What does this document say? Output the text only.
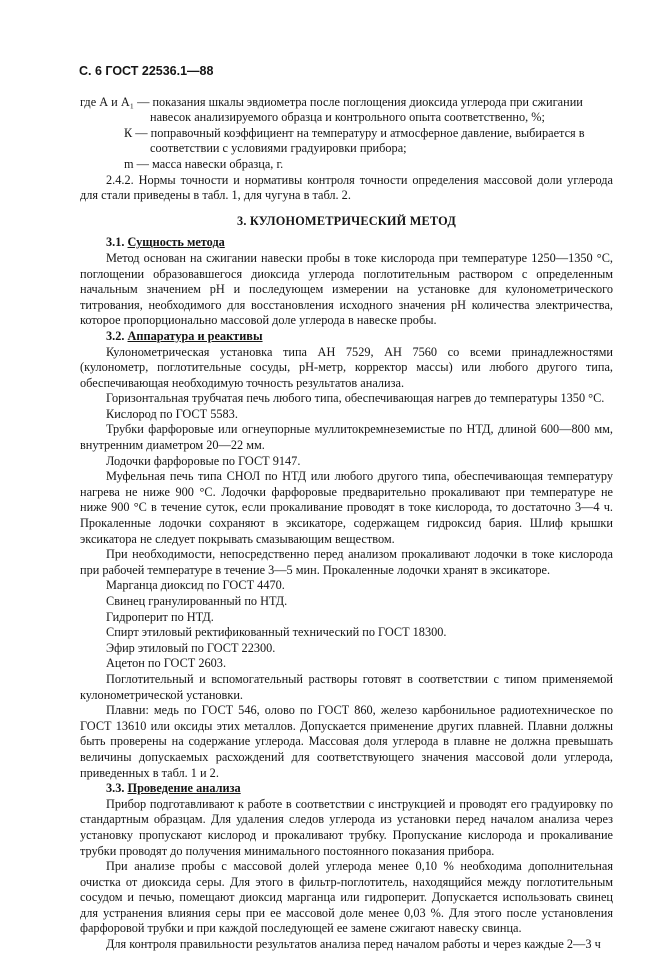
С. 6 ГОСТ 22536.1—88

где А и А₁ — показания шкалы эвдиометра после поглощения диоксида углерода при сжигании

навесок анализируемого образца и контрольного опыта соответственно, %;

К — поправочный коэффициент на температуру и атмосферное давление, выбирается в

соответствии с условиями градуировки прибора;

m — масса навески образца, г.

2.4.2. Нормы точности и нормативы контроля точности определения массовой доли углерода для стали приведены в табл. 1, для чугуна в табл. 2.

3. КУЛОНОМЕТРИЧЕСКИЙ МЕТОД

3.1. Сущность метода

Метод основан на сжигании навески пробы в токе кислорода при температуре 1250—1350 °С, поглощении образовавшегося диоксида углерода поглотительным раствором с определенным начальным значением рН и последующем измерении на установке для кулонометрического титрования, необходимого для восстановления исходного значения рН количества электричества, которое пропорционально массовой доле углерода в навеске пробы.

3.2. Аппаратура и реактивы

Кулонометрическая установка типа АН 7529, АН 7560 со всеми принадлежностями (кулонометр, поглотительные сосуды, рН-метр, корректор массы) или любого другого типа, обеспечивающая необходимую точность результатов анализа.

Горизонтальная трубчатая печь любого типа, обеспечивающая нагрев до температуры 1350 °С.

Кислород по ГОСТ 5583.

Трубки фарфоровые или огнеупорные муллитокремнеземистые по НТД, длиной 600—800 мм, внутренним диаметром 20—22 мм.

Лодочки фарфоровые по ГОСТ 9147.

Муфельная печь типа СНОЛ по НТД или любого другого типа, обеспечивающая температуру нагрева не ниже 900 °С. Лодочки фарфоровые предварительно прокаливают при температуре не ниже 900 °С в течение суток, если прокаливание проводят в токе кислорода, то достаточно 3—4 ч. Прокаленные лодочки сохраняют в эксикаторе, содержащем гидроксид бария. Шлиф крышки эксикатора не следует покрывать смазывающим веществом.

При необходимости, непосредственно перед анализом прокаливают лодочки в токе кислорода при рабочей температуре в течение 3—5 мин. Прокаленные лодочки хранят в эксикаторе.

Марганца диоксид по ГОСТ 4470.

Свинец гранулированный по НТД.

Гидроперит по НТД.

Спирт этиловый ректификованный технический по ГОСТ 18300.

Эфир этиловый по ГОСТ 22300.

Ацетон по ГОСТ 2603.

Поглотительный и вспомогательный растворы готовят в соответствии с типом применяемой кулонометрической установки.

Плавни: медь по ГОСТ 546, олово по ГОСТ 860, железо карбонильное радиотехническое по ГОСТ 13610 или оксиды этих металлов. Допускается применение других плавней. Плавни должны быть проверены на содержание углерода. Массовая доля углерода в плавне не должна превышать величины допускаемых расхождений для соответствующего значения массовой доли углерода, приведенных в табл. 1 и 2.

3.3. Проведение анализа

Прибор подготавливают к работе в соответствии с инструкцией и проводят его градуировку по стандартным образцам. Для удаления следов углерода из установки перед началом анализа через установку пропускают кислород и прокаливают трубку. Пропускание кислорода и прокаливание трубки проводят до получения минимального постоянного показания прибора.

При анализе пробы с массовой долей углерода менее 0,10 % необходима дополнительная очистка от диоксида серы. Для этого в фильтр-поглотитель, находящийся между поглотительным сосудом и печью, помещают диоксид марганца или гидроперит. Допускается использовать свинец для устранения влияния серы при ее массовой доле менее 0,03 %. Для этого после установления фарфоровой трубки и при каждой последующей ее замене сжигают навеску свинца.

Для контроля правильности результатов анализа перед началом работы и через каждые 2—3 ч
